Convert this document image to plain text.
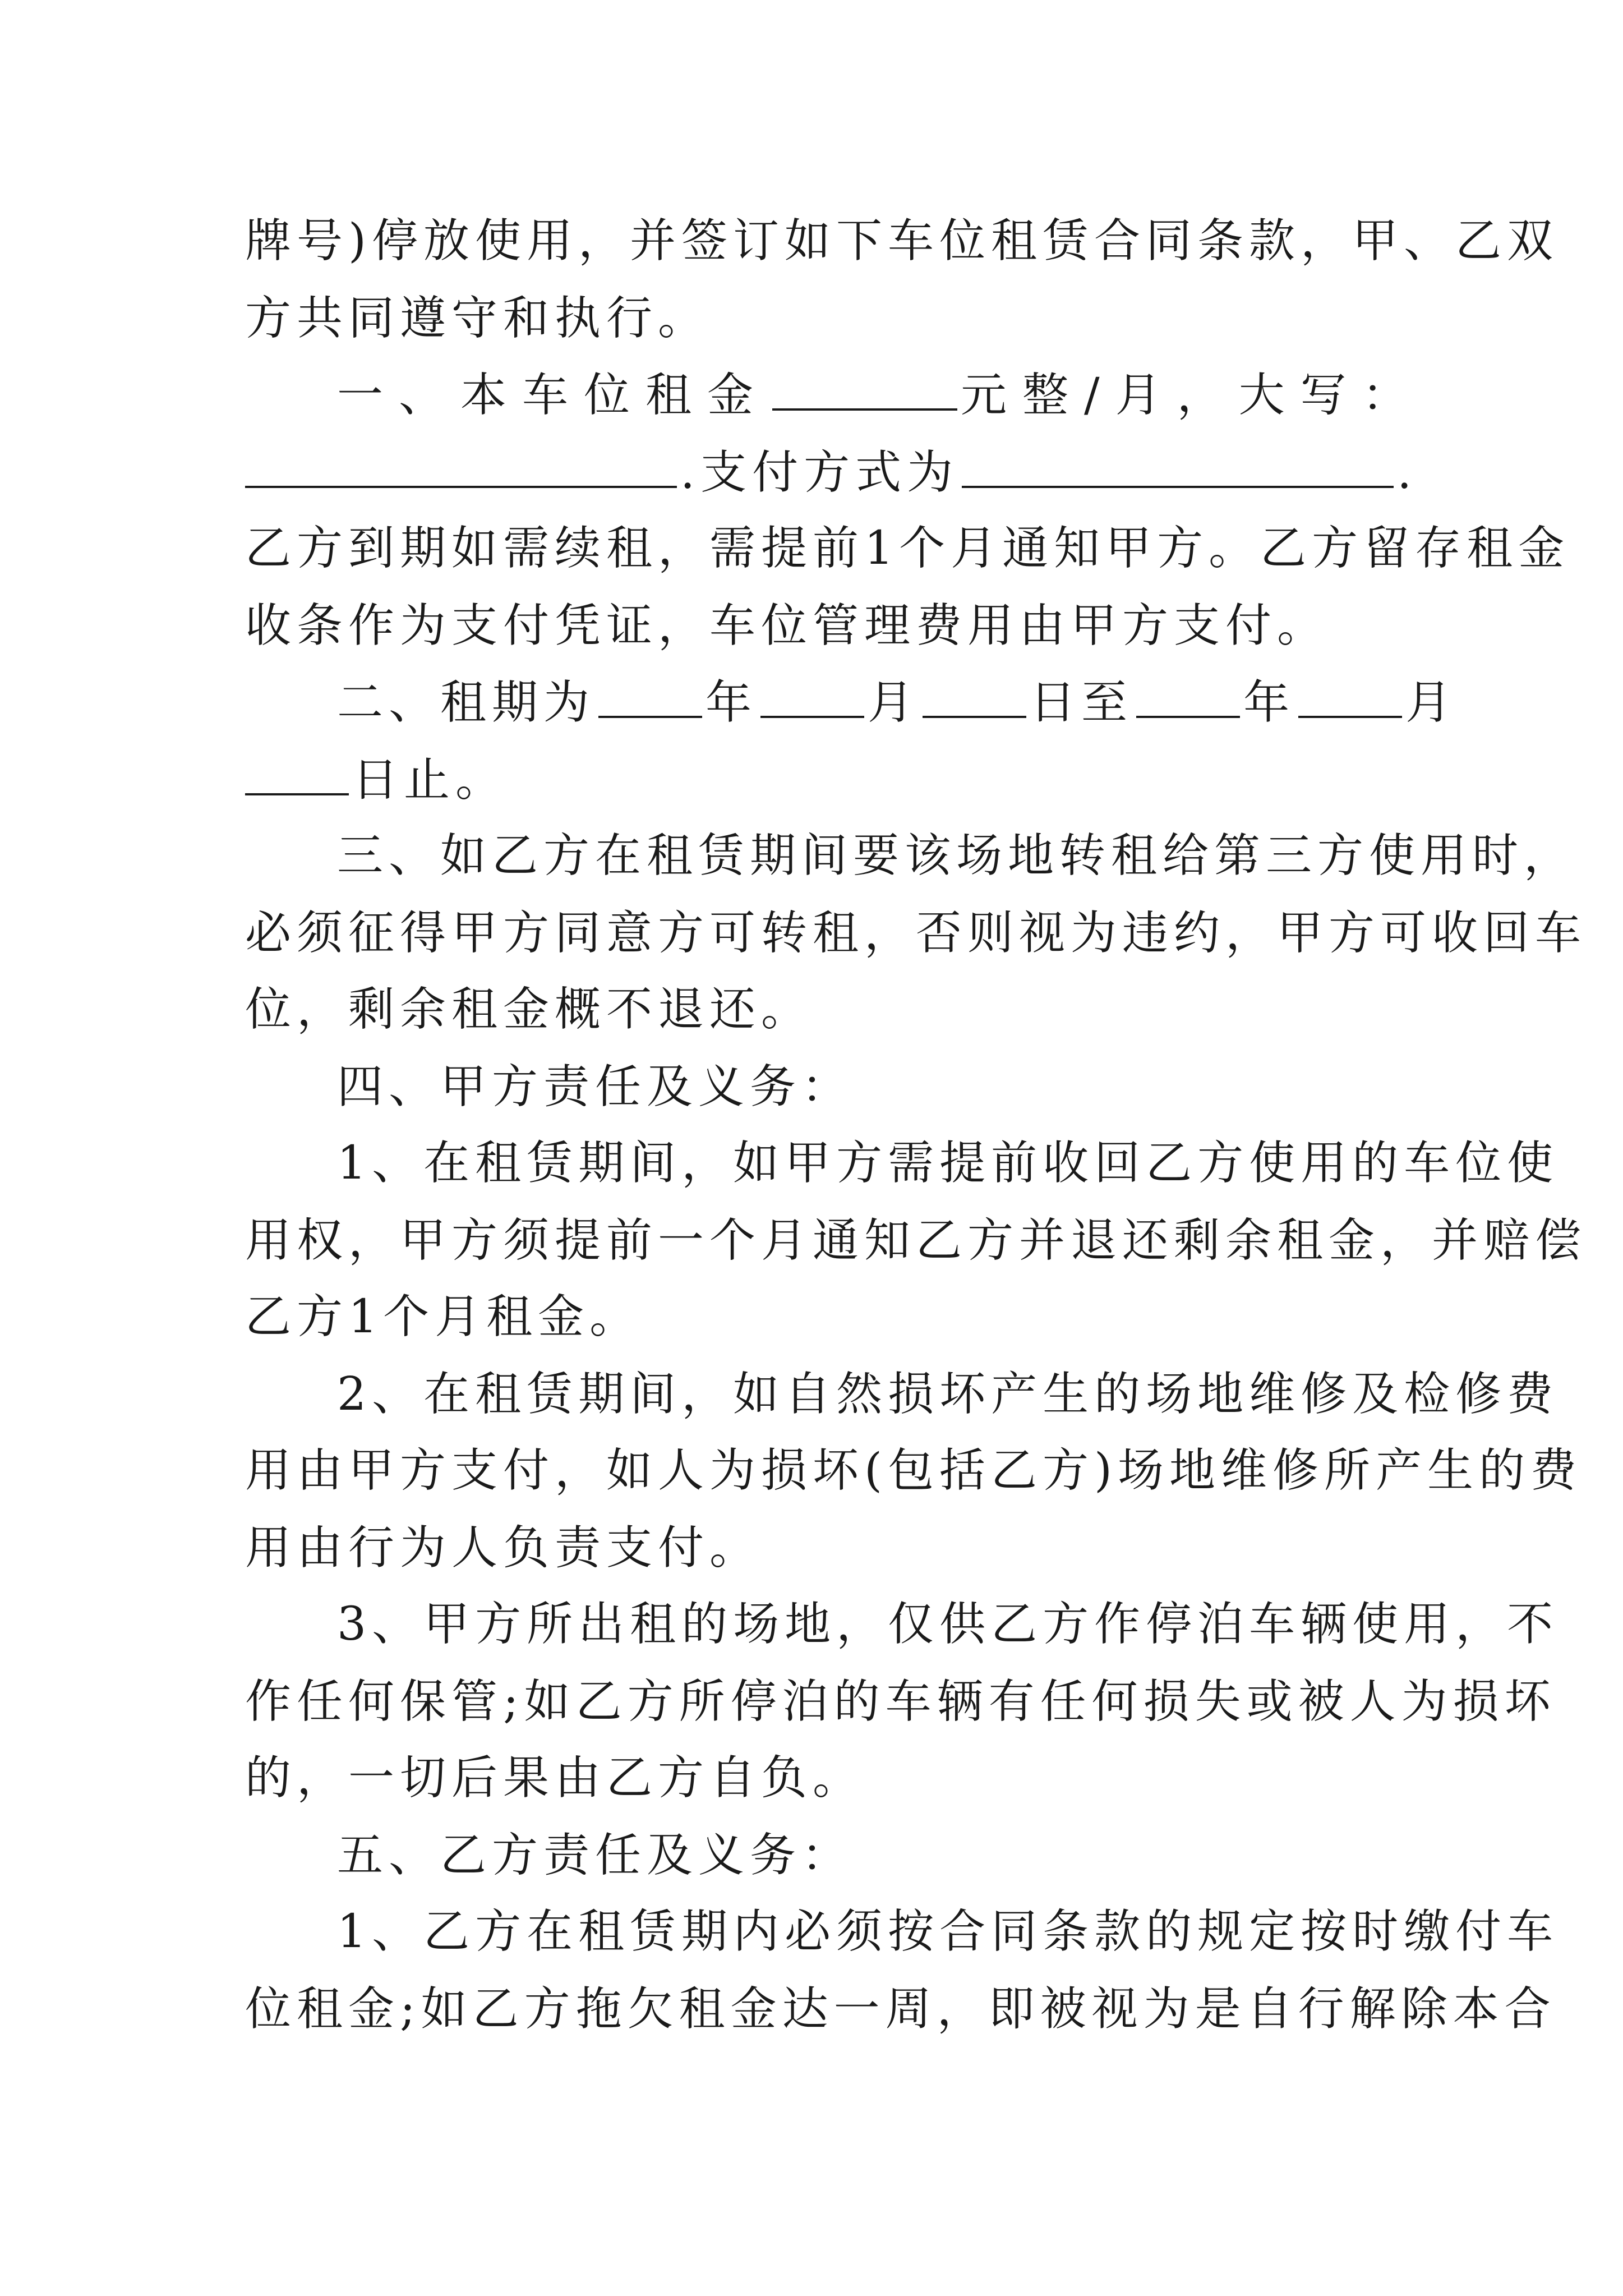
牌号)停放使用，并签订如下车位租赁合同条款，甲、乙双
方共同遵守和执行。
一、本车位租金	元整/月，大写：
.支付方式为	.
乙方到期如需续租，需提前1个月通知甲方。乙方留存租金
收条作为支付凭证，车位管理费用由甲方支付。
二、租期为 年 月 日至 年 月
日止。
三、如乙方在租赁期间要该场地转租给第三方使用时，
必须征得甲方同意方可转租，否则视为违约，甲方可收回车
位，剩余租金概不退还。
四、甲方责任及义务：
1、在租赁期间，如甲方需提前收回乙方使用的车位使
用权，甲方须提前一个月通知乙方并退还剩余租金，并赔偿
乙方1个月租金。
2、在租赁期间，如自然损坏产生的场地维修及检修费
用由甲方支付，如人为损坏(包括乙方)场地维修所产生的费
用由行为人负责支付。
3、甲方所出租的场地，仅供乙方作停泊车辆使用，不
作任何保管;如乙方所停泊的车辆有任何损失或被人为损坏
的，一切后果由乙方自负。
五、乙方责任及义务：
1、乙方在租赁期内必须按合同条款的规定按时缴付车
位租金;如乙方拖欠租金达一周，即被视为是自行解除本合
